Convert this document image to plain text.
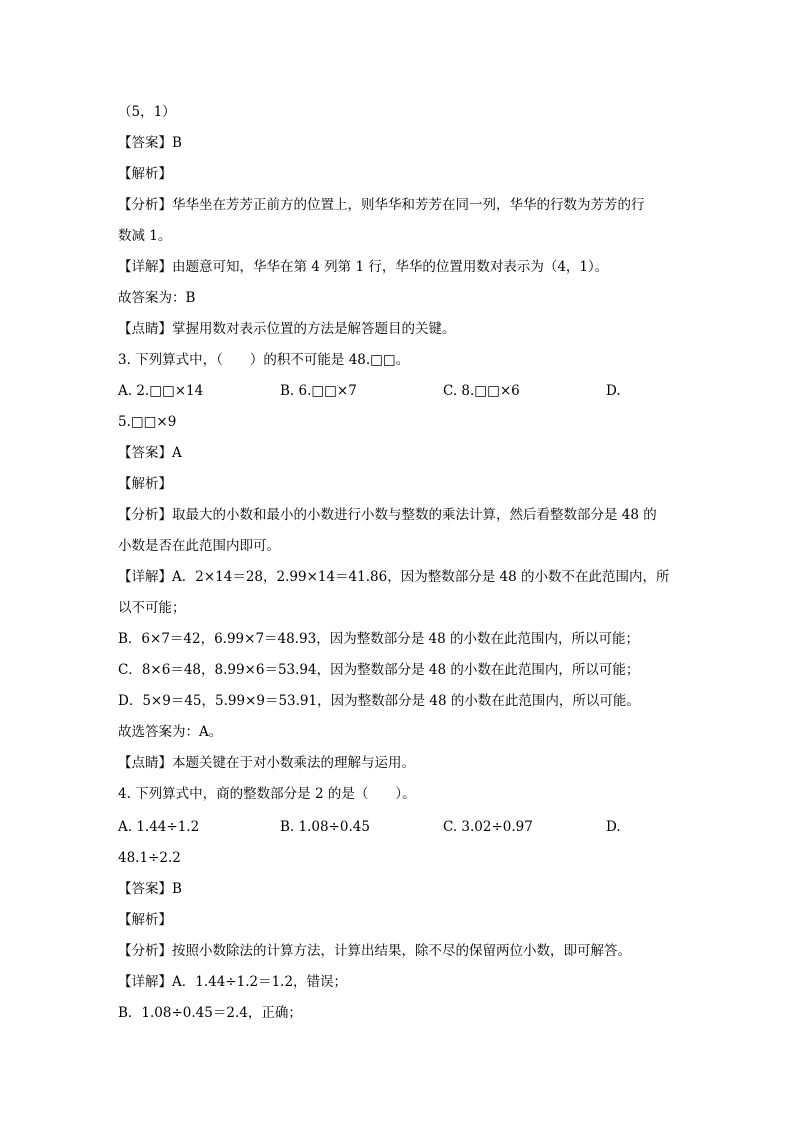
（5，1）
【答案】B
【解析】
【分析】华华坐在芳芳正前方的位置上，则华华和芳芳在同一列，华华的行数为芳芳的行
数减 1。
【详解】由题意可知，华华在第 4 列第 1 行，华华的位置用数对表示为（4，1）。
故答案为：B
【点睛】掌握用数对表示位置的方法是解答题目的关键。
3. 下列算式中，（　　）的积不可能是 48.□□。
A. 2.□□×14	B. 6.□□×7	C. 8.□□×6	D.
5.□□×9
【答案】A
【解析】
【分析】取最大的小数和最小的小数进行小数与整数的乘法计算，然后看整数部分是 48 的
小数是否在此范围内即可。
【详解】A．2×14＝28，2.99×14＝41.86，因为整数部分是 48 的小数不在此范围内，所
以不可能；
B．6×7＝42，6.99×7＝48.93，因为整数部分是 48 的小数在此范围内，所以可能；
C．8×6＝48，8.99×6＝53.94，因为整数部分是 48 的小数在此范围内，所以可能；
D．5×9＝45，5.99×9＝53.91，因为整数部分是 48 的小数在此范围内，所以可能。
故选答案为：A。
【点睛】本题关键在于对小数乘法的理解与运用。
4. 下列算式中，商的整数部分是 2 的是（　　）。
A. 1.44÷1.2	B. 1.08÷0.45	C. 3.02÷0.97	D.
48.1÷2.2
【答案】B
【解析】
【分析】按照小数除法的计算方法，计算出结果，除不尽的保留两位小数，即可解答。
【详解】A．1.44÷1.2＝1.2，错误；
B．1.08÷0.45＝2.4，正确；
